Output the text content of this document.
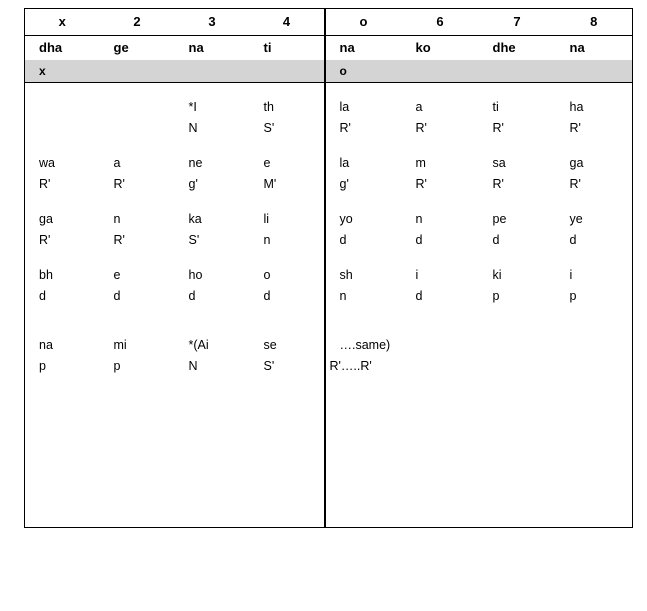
x	2	3	4	o	6	7	8
dha	ge	na	ti	na	ko	dhe	na
x				o			
		*I	th	la	a	ti	ha
		N	S'	R'	R'	R'	R'

wa	a	ne	e	la	m	sa	ga
R'	R'	g'	M'	g'	R'	R'	R'

ga	n	ka	li	yo	n	pe	ye
R'	R'	S'	n	d	d	d	d

bh	e	ho	o	sh	i	ki	i
d	d	d	d	n	d	p	p

na	mi	*(Ai	se	….same)			
p	p	N	S'	R'…..R'			
